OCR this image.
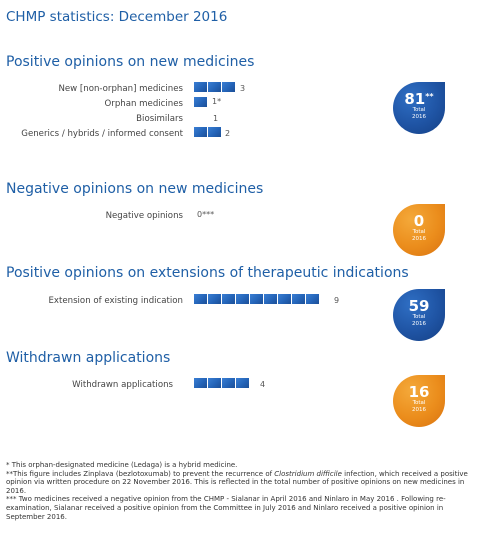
CHMP statistics: December 2016
Positive opinions on new medicines
New [non-orphan] medicines	3
Orphan medicines	1*
Biosimilars	1
Generics / hybrids / informed consent	2
81**
Total
2016
Negative opinions on new medicines
Negative opinions 0***	0
Total
2016
Positive opinions on extensions of therapeutic indications
Extension of existing indication	9	59
Total
2016
Withdrawn applications
Withdrawn applications	4	16
Total
2016

* This orphan-designated medicine (Ledaga) is a hybrid medicine.

**This figure includes Zinplava (bezlotoxumab) to prevent the recurrence of Clostridium difficile infection, which received a positive opinion via written procedure on 22 November 2016. This is reflected in the total number of positive opinions on new medicines in 2016.

*** Two medicines received a negative opinion from the CHMP - Sialanar in April 2016 and Ninlaro in May 2016 . Following re-examination, Sialanar received a positive opinion from the Committee in July 2016 and Ninlaro received a positive opinion in September 2016.
